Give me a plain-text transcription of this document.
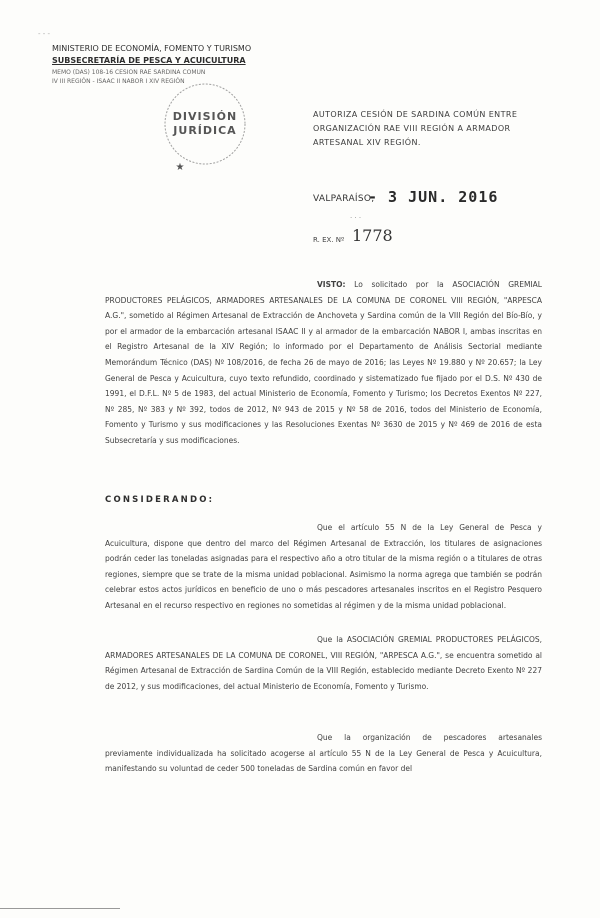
- - -
MINISTERIO DE ECONOMÍA, FOMENTO Y TURISMO
SUBSECRETARÍA DE PESCA Y ACUICULTURA
MEMO (DAS) 108-16 CESION RAE SARDINA COMUN
IV III REGIÓN - ISAAC II NABOR I XIV REGIÓN
DIVISIÓN
JURÍDICA
★
AUTORIZA CESIÓN DE SARDINA COMÚN ENTRE ORGANIZACIÓN RAE VIII REGIÓN A ARMADOR ARTESANAL XIV REGIÓN.
VALPARAÍSO,
- 3 JUN. 2016
. . .
R. EX. Nº 1778
VISTO: Lo solicitado por la ASOCIACIÓN GREMIAL PRODUCTORES PELÁGICOS, ARMADORES ARTESANALES DE LA COMUNA DE CORONEL VIII REGIÓN, "ARPESCA A.G.", sometido al Régimen Artesanal de Extracción de Anchoveta y Sardina común de la VIII Región del Bío-Bío, y por el armador de la embarcación artesanal ISAAC II y al armador de la embarcación NABOR I, ambas inscritas en el Registro Artesanal de la XIV Región; lo informado por el Departamento de Análisis Sectorial mediante Memorándum Técnico (DAS) Nº 108/2016, de fecha 26 de mayo de 2016; las Leyes Nº 19.880 y Nº 20.657; la Ley General de Pesca y Acuicultura, cuyo texto refundido, coordinado y sistematizado fue fijado por el D.S. Nº 430 de 1991, el D.F.L. Nº 5 de 1983, del actual Ministerio de Economía, Fomento y Turismo; los Decretos Exentos Nº 227, Nº 285, Nº 383 y Nº 392, todos de 2012, Nº 943 de 2015 y Nº 58 de 2016, todos del Ministerio de Economía, Fomento y Turismo y sus modificaciones y las Resoluciones Exentas Nº 3630 de 2015 y Nº 469 de 2016 de esta Subsecretaría y sus modificaciones.
CONSIDERANDO:
Que el artículo 55 N de la Ley General de Pesca y Acuicultura, dispone que dentro del marco del Régimen Artesanal de Extracción, los titulares de asignaciones podrán ceder las toneladas asignadas para el respectivo año a otro titular de la misma región o a titulares de otras regiones, siempre que se trate de la misma unidad poblacional. Asimismo la norma agrega que también se podrán celebrar estos actos jurídicos en beneficio de uno o más pescadores artesanales inscritos en el Registro Pesquero Artesanal en el recurso respectivo en regiones no sometidas al régimen y de la misma unidad poblacional.
Que la ASOCIACIÓN GREMIAL PRODUCTORES PELÁGICOS, ARMADORES ARTESANALES DE LA COMUNA DE CORONEL, VIII REGIÓN, "ARPESCA A.G.", se encuentra sometido al Régimen Artesanal de Extracción de Sardina Común de la VIII Región, establecido mediante Decreto Exento Nº 227 de 2012, y sus modificaciones, del actual Ministerio de Economía, Fomento y Turismo.
Que la organización de pescadores artesanales previamente individualizada ha solicitado acogerse al artículo 55 N de la Ley General de Pesca y Acuicultura, manifestando su voluntad de ceder 500 toneladas de Sardina común en favor del
